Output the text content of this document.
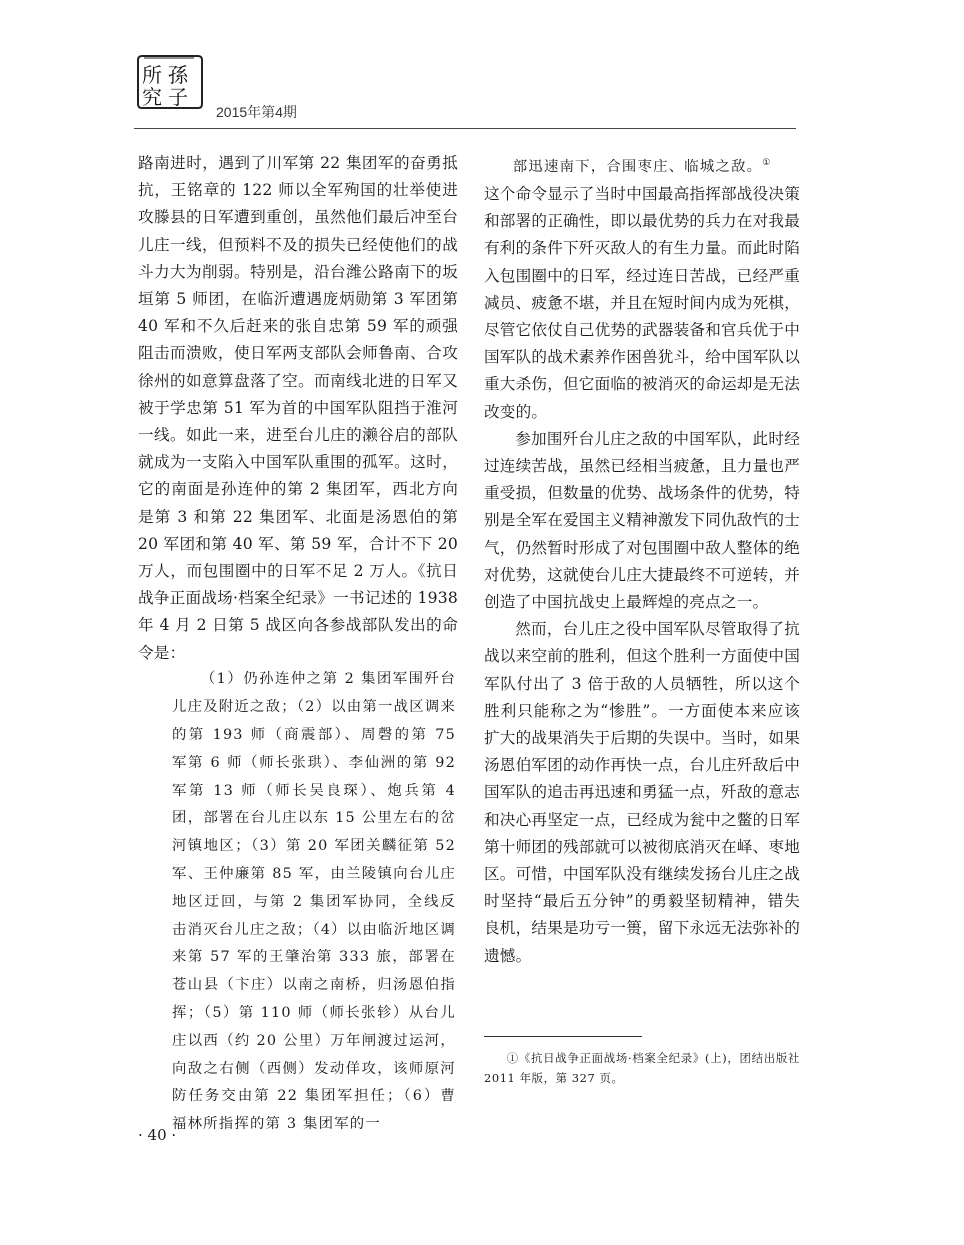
所 孫
究 子
2015年第4期

路南进时，遇到了川军第 22 集团军的奋勇抵抗，王铭章的 122 师以全军殉国的壮举使进攻滕县的日军遭到重创，虽然他们最后冲至台儿庄一线，但预料不及的损失已经使他们的战斗力大为削弱。特别是，沿台潍公路南下的坂垣第 5 师团，在临沂遭遇庞炳勋第 3 军团第 40 军和不久后赶来的张自忠第 59 军的顽强阻击而溃败，使日军两支部队会师鲁南、合攻徐州的如意算盘落了空。而南线北进的日军又被于学忠第 51 军为首的中国军队阻挡于淮河一线。如此一来，进至台儿庄的濑谷启的部队就成为一支陷入中国军队重围的孤军。这时，它的南面是孙连仲的第 2 集团军，西北方向是第 3 和第 22 集团军、北面是汤恩伯的第 20 军团和第 40 军、第 59 军，合计不下 20 万人，而包围圈中的日军不足 2 万人。《抗日战争正面战场·档案全纪录》一书记述的 1938 年 4 月 2 日第 5 战区向各参战部队发出的命令是：

（1）仍孙连仲之第 2 集团军围歼台儿庄及附近之敌；（2）以由第一战区调来的第 193 师（商震部）、周磬的第 75 军第 6 师（师长张珙）、李仙洲的第 92 军第 13 师（师长吴良琛）、炮兵第 4 团，部署在台儿庄以东 15 公里左右的岔河镇地区；（3）第 20 军团关麟征第 52 军、王仲廉第 85 军，由兰陵镇向台儿庄地区迂回，与第 2 集团军协同，全线反击消灭台儿庄之敌；（4）以由临沂地区调来第 57 军的王肇治第 333 旅，部署在苍山县（卞庄）以南之南桥，归汤恩伯指挥；（5）第 110 师（师长张轸）从台儿庄以西（约 20 公里）万年闸渡过运河，向敌之右侧（西侧）发动佯攻，该师原河防任务交由第 22 集团军担任；（6）曹福林所指挥的第 3 集团军的一

部迅速南下，合围枣庄、临城之敌。①

这个命令显示了当时中国最高指挥部战役决策和部署的正确性，即以最优势的兵力在对我最有利的条件下歼灭敌人的有生力量。而此时陷入包围圈中的日军，经过连日苦战，已经严重减员、疲惫不堪，并且在短时间内成为死棋，尽管它依仗自己优势的武器装备和官兵优于中国军队的战术素养作困兽犹斗，给中国军队以重大杀伤，但它面临的被消灭的命运却是无法改变的。

参加围歼台儿庄之敌的中国军队，此时经过连续苦战，虽然已经相当疲惫，且力量也严重受损，但数量的优势、战场条件的优势，特别是全军在爱国主义精神激发下同仇敌忾的士气，仍然暂时形成了对包围圈中敌人整体的绝对优势，这就使台儿庄大捷最终不可逆转，并创造了中国抗战史上最辉煌的亮点之一。

然而，台儿庄之役中国军队尽管取得了抗战以来空前的胜利，但这个胜利一方面使中国军队付出了 3 倍于敌的人员牺牲，所以这个胜利只能称之为“惨胜”。一方面使本来应该扩大的战果消失于后期的失误中。当时，如果汤恩伯军团的动作再快一点，台儿庄歼敌后中国军队的追击再迅速和勇猛一点，歼敌的意志和决心再坚定一点，已经成为瓮中之鳖的日军第十师团的残部就可以被彻底消灭在峄、枣地区。可惜，中国军队没有继续发扬台儿庄之战时坚持“最后五分钟”的勇毅坚韧精神，错失良机，结果是功亏一篑，留下永远无法弥补的遗憾。

①《抗日战争正面战场·档案全纪录》(上)，团结出版社 2011 年版，第 327 页。
· 40 ·
